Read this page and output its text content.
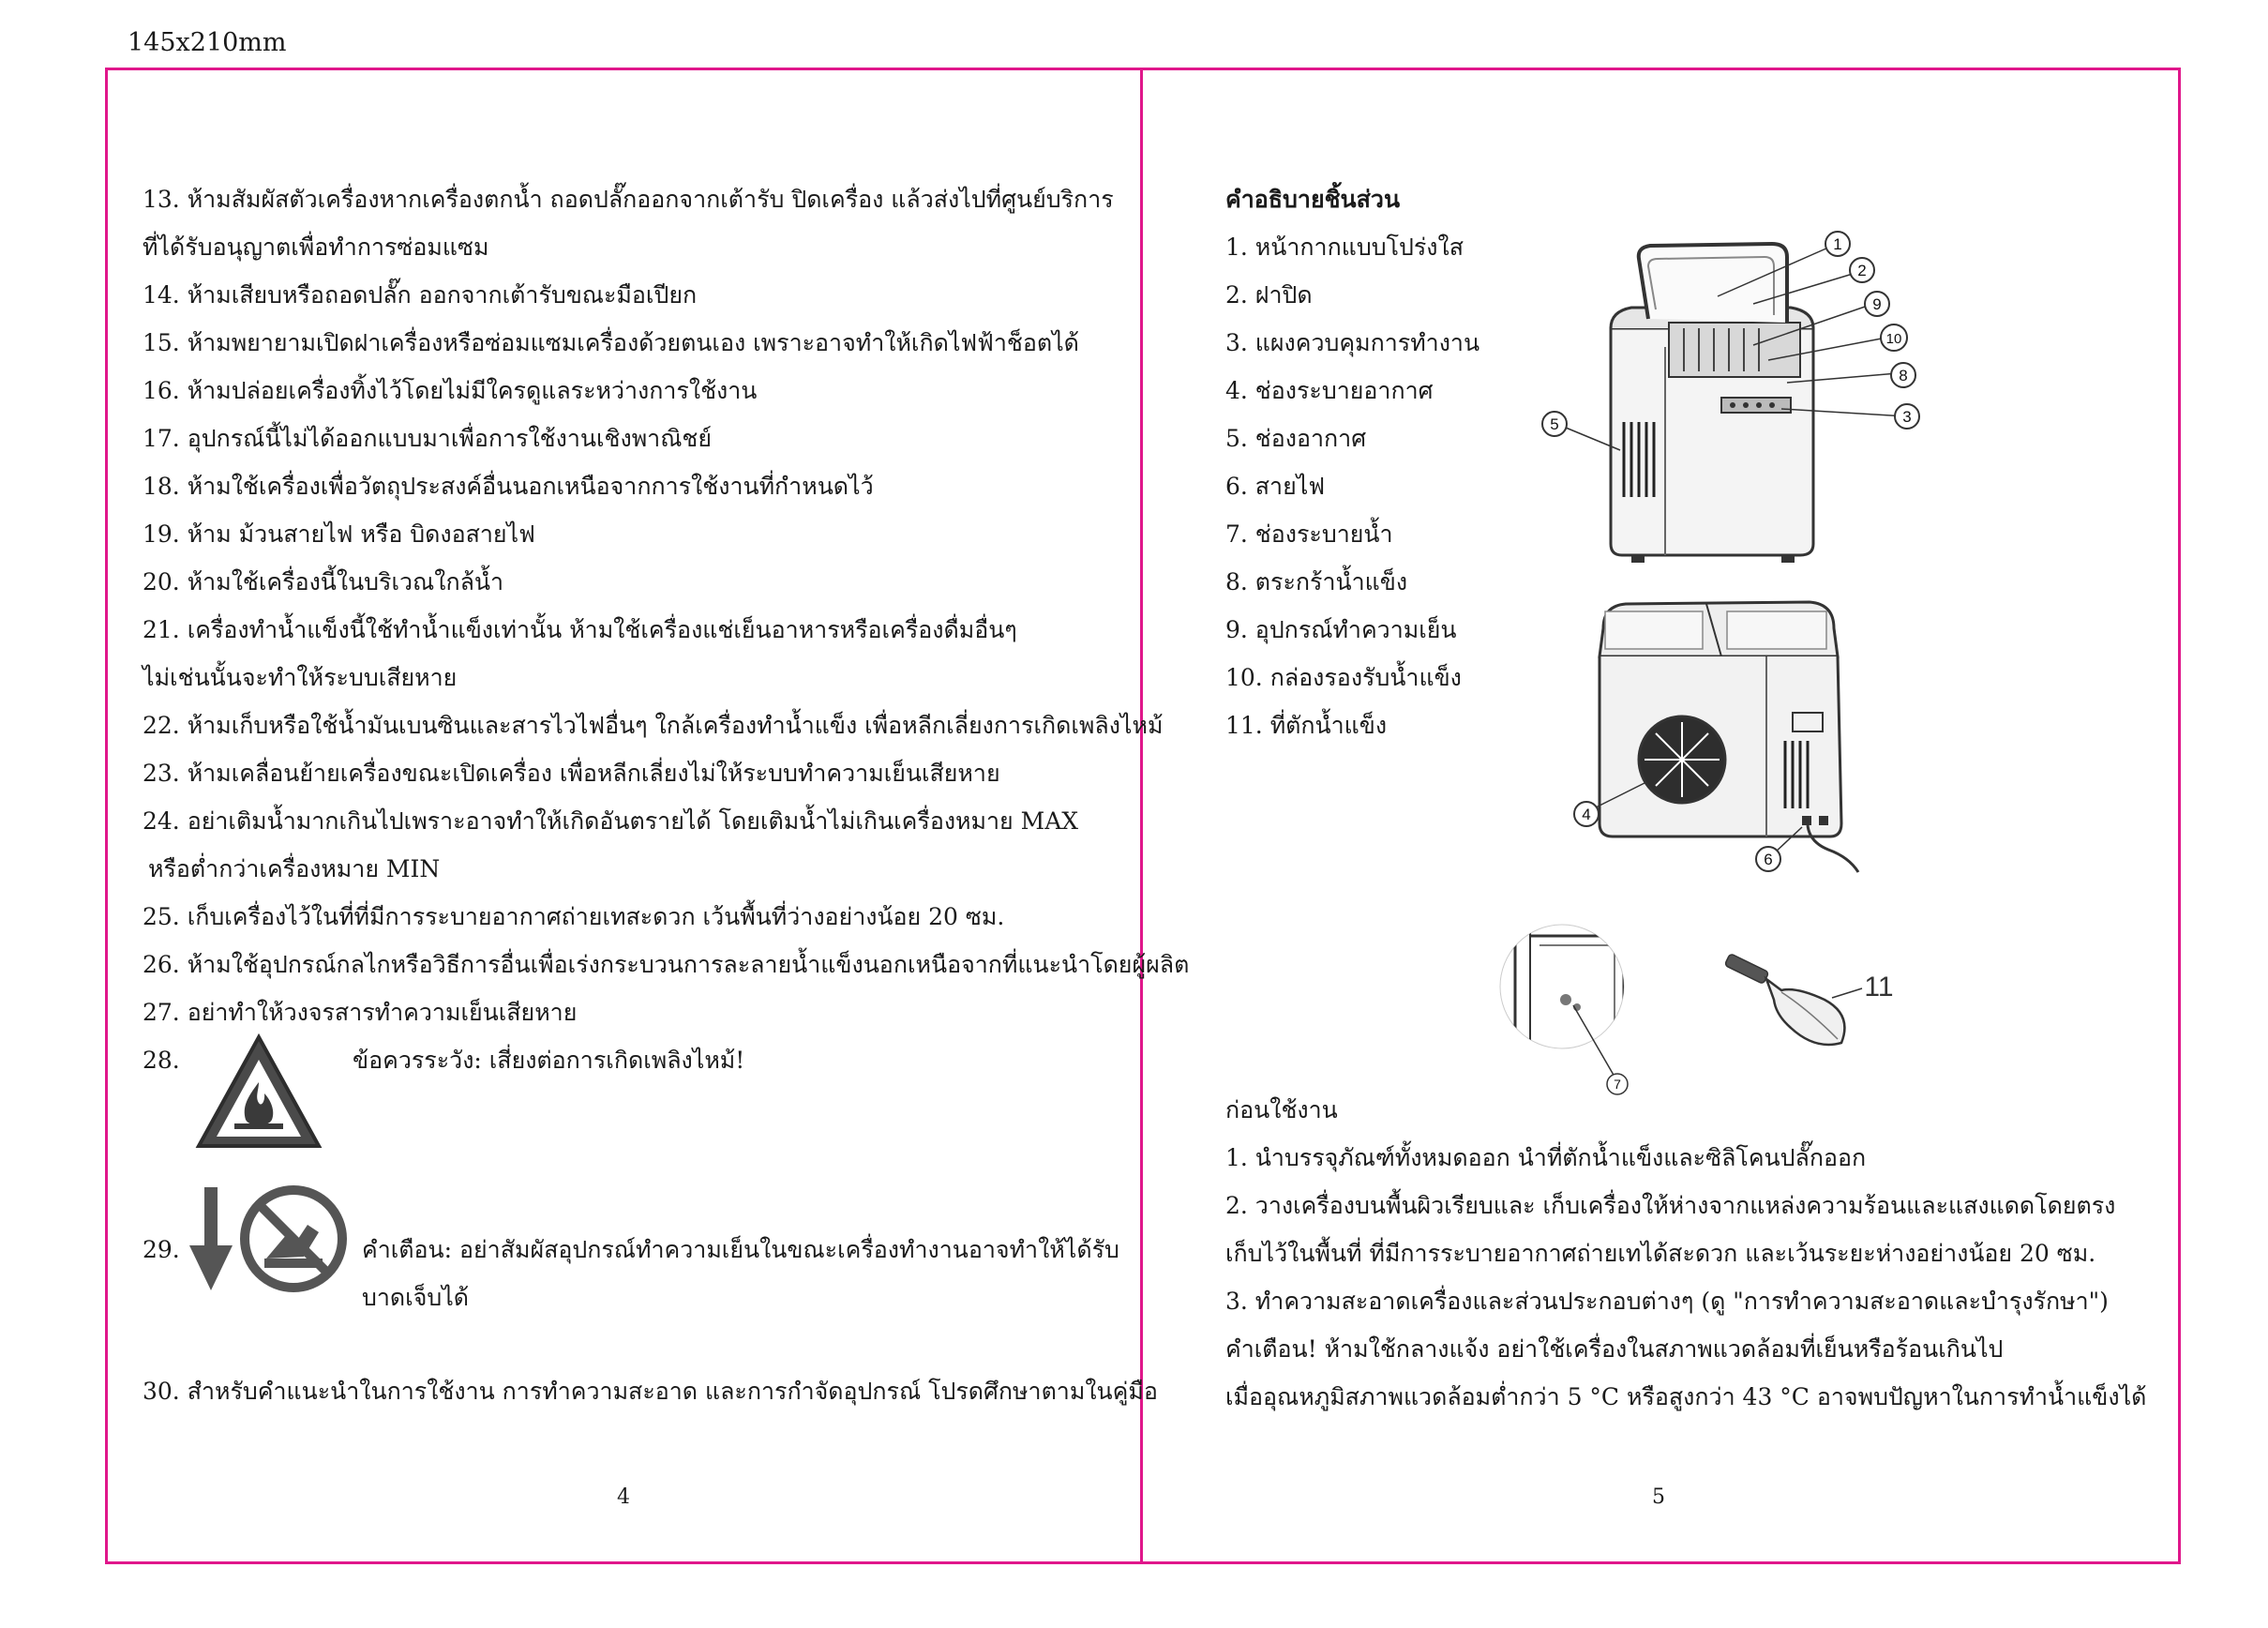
145x210mm
13. ห้ามสัมผัสตัวเครื่องหากเครื่องตกน้ำ ถอดปลั๊กออกจากเต้ารับ ปิดเครื่อง แล้วส่งไปที่ศูนย์บริการ
ที่ได้รับอนุญาตเพื่อทำการซ่อมแซม
14. ห้ามเสียบหรือถอดปลั๊ก ออกจากเต้ารับขณะมือเปียก
15. ห้ามพยายามเปิดฝาเครื่องหรือซ่อมแซมเครื่องด้วยตนเอง เพราะอาจทำให้เกิดไฟฟ้าช็อตได้
16. ห้ามปล่อยเครื่องทิ้งไว้โดยไม่มีใครดูแลระหว่างการใช้งาน
17. อุปกรณ์นี้ไม่ได้ออกแบบมาเพื่อการใช้งานเชิงพาณิชย์
18. ห้ามใช้เครื่องเพื่อวัตถุประสงค์อื่นนอกเหนือจากการใช้งานที่กำหนดไว้
19. ห้าม ม้วนสายไฟ หรือ บิดงอสายไฟ
20. ห้ามใช้เครื่องนี้ในบริเวณใกล้น้ำ
21. เครื่องทำน้ำแข็งนี้ใช้ทำน้ำแข็งเท่านั้น ห้ามใช้เครื่องแช่เย็นอาหารหรือเครื่องดื่มอื่นๆ
ไม่เช่นนั้นจะทำให้ระบบเสียหาย
22. ห้ามเก็บหรือใช้น้ำมันเบนซินและสารไวไฟอื่นๆ ใกล้เครื่องทำน้ำแข็ง เพื่อหลีกเลี่ยงการเกิดเพลิงไหม้
23. ห้ามเคลื่อนย้ายเครื่องขณะเปิดเครื่อง เพื่อหลีกเลี่ยงไม่ให้ระบบทำความเย็นเสียหาย
24. อย่าเติมน้ำมากเกินไปเพราะอาจทำให้เกิดอันตรายได้ โดยเติมน้ำไม่เกินเครื่องหมาย MAX
หรือต่ำกว่าเครื่องหมาย MIN
25. เก็บเครื่องไว้ในที่ที่มีการระบายอากาศถ่ายเทสะดวก เว้นพื้นที่ว่างอย่างน้อย 20 ซม.
26. ห้ามใช้อุปกรณ์กลไกหรือวิธีการอื่นเพื่อเร่งกระบวนการละลายน้ำแข็งนอกเหนือจากที่แนะนำโดยผู้ผลิต
27. อย่าทำให้วงจรสารทำความเย็นเสียหาย
28.	ข้อควรระวัง: เสี่ยงต่อการเกิดเพลิงไหม้!
29.	คำเตือน: อย่าสัมผัสอุปกรณ์ทำความเย็นในขณะเครื่องทำงานอาจทำให้ได้รับ
บาดเจ็บได้
30. สำหรับคำแนะนำในการใช้งาน การทำความสะอาด และการกำจัดอุปกรณ์ โปรดศึกษาตามในคู่มือ
4
คำอธิบายชิ้นส่วน
1. หน้ากากแบบโปร่งใส
2. ฝาปิด
3. แผงควบคุมการทำงาน
4. ช่องระบายอากาศ
5. ช่องอากาศ
6. สายไฟ
7. ช่องระบายน้ำ
8. ตระกร้าน้ำแข็ง
9. อุปกรณ์ทำความเย็น
10. กล่องรองรับน้ำแข็ง
11. ที่ตักน้ำแข็ง
1
2
9
10
8
3
5
4
6
7
11
ก่อนใช้งาน
1. นำบรรจุภัณฑ์ทั้งหมดออก นำที่ตักน้ำแข็งและซิลิโคนปลั๊กออก
2. วางเครื่องบนพื้นผิวเรียบและ เก็บเครื่องให้ห่างจากแหล่งความร้อนและแสงแดดโดยตรง
เก็บไว้ในพื้นที่ ที่มีการระบายอากาศถ่ายเทได้สะดวก และเว้นระยะห่างอย่างน้อย 20 ซม.
3. ทำความสะอาดเครื่องและส่วนประกอบต่างๆ (ดู "การทำความสะอาดและบำรุงรักษา")
คำเตือน! ห้ามใช้กลางแจ้ง อย่าใช้เครื่องในสภาพแวดล้อมที่เย็นหรือร้อนเกินไป
เมื่ออุณหภูมิสภาพแวดล้อมต่ำกว่า 5 °C หรือสูงกว่า 43 °C อาจพบปัญหาในการทำน้ำแข็งได้
5
